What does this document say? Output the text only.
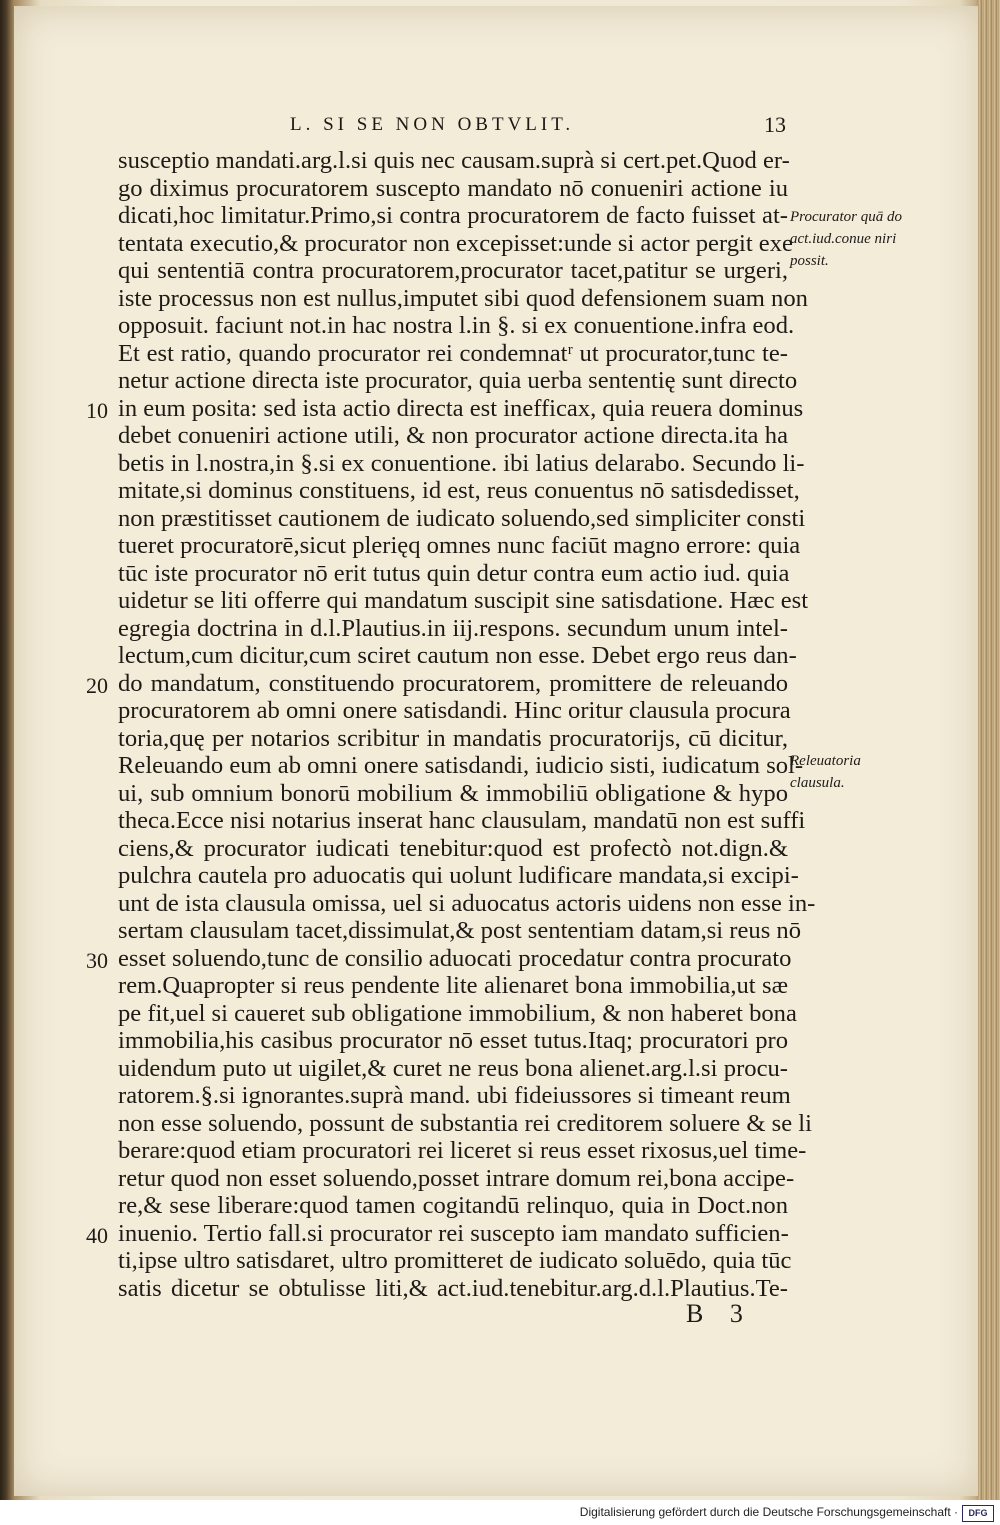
L. SI SE NON OBTVLIT.	13
susceptio mandati.arg.l.si quis nec causam.suprà si cert.pet.Quod er-
go diximus procuratorem suscepto mandato nō conueniri actione iu
dicati,hoc limitatur.Primo,si contra procuratorem de facto fuisset at-
tentata executio,& procurator non excepisset:unde si actor pergit exe
qui sententiā contra procuratorem,procurator tacet,patitur se urgeri,
iste processus non est nullus,imputet sibi quod defensionem suam non
opposuit. faciunt not.in hac nostra l.in §. si ex conuentione.infra eod.
Et est ratio, quando procurator rei condemnatʳ ut procurator,tunc te-
netur actione directa iste procurator, quia uerba sententię sunt directo
in eum posita: sed ista actio directa est inefficax, quia reuera dominus
debet conueniri actione utili, & non procurator actione directa.ita ha
betis in l.nostra,in §.si ex conuentione. ibi latius delarabo. Secundo li-
mitate,si dominus constituens, id est, reus conuentus nō satisdedisset,
non præstitisset cautionem de iudicato soluendo,sed simpliciter consti
tueret procuratorē,sicut plerięq omnes nunc faciūt magno errore: quia
tūc iste procurator nō erit tutus quin detur contra eum actio iud. quia
uidetur se liti offerre qui mandatum suscipit sine satisdatione. Hæc est
egregia doctrina in d.l.Plautius.in iij.respons. secundum unum intel-
lectum,cum dicitur,cum sciret cautum non esse. Debet ergo reus dan-
do mandatum, constituendo procuratorem, promittere de releuando
procuratorem ab omni onere satisdandi. Hinc oritur clausula procura
toria,quę per notarios scribitur in mandatis procuratorijs, cū dicitur,
Releuando eum ab omni onere satisdandi, iudicio sisti, iudicatum sol-
ui, sub omnium bonorū mobilium & immobiliū obligatione & hypo
theca.Ecce nisi notarius inserat hanc clausulam, mandatū non est suffi
ciens,& procurator iudicati tenebitur:quod est profectò not.dign.&
pulchra cautela pro aduocatis qui uolunt ludificare mandata,si excipi-
unt de ista clausula omissa, uel si aduocatus actoris uidens non esse in-
sertam clausulam tacet,dissimulat,& post sententiam datam,si reus nō
esset soluendo,tunc de consilio aduocati procedatur contra procurato
rem.Quapropter si reus pendente lite alienaret bona immobilia,ut sæ
pe fit,uel si caueret sub obligatione immobilium, & non haberet bona
immobilia,his casibus procurator nō esset tutus.Itaq; procuratori pro
uidendum puto ut uigilet,& curet ne reus bona alienet.arg.l.si procu-
ratorem.§.si ignorantes.suprà mand. ubi fideiussores si timeant reum
non esse soluendo, possunt de substantia rei creditorem soluere & se li
berare:quod etiam procuratori rei liceret si reus esset rixosus,uel time-
retur quod non esset soluendo,posset intrare domum rei,bona accipe-
re,& sese liberare:quod tamen cogitandū relinquo, quia in Doct.non
inuenio. Tertio fall.si procurator rei suscepto iam mandato sufficien-
ti,ipse ultro satisdaret, ultro promitteret de iudicato soluēdo, quia tūc
satis dicetur se obtulisse liti,& act.iud.tenebitur.arg.d.l.Plautius.Te-
10
20
30
40
Procurator quā do act.iud.conue niri possit.
Releuatoria clausula.
B 3
Digitalisierung gefördert durch die Deutsche Forschungsgemeinschaft ·	DFG
